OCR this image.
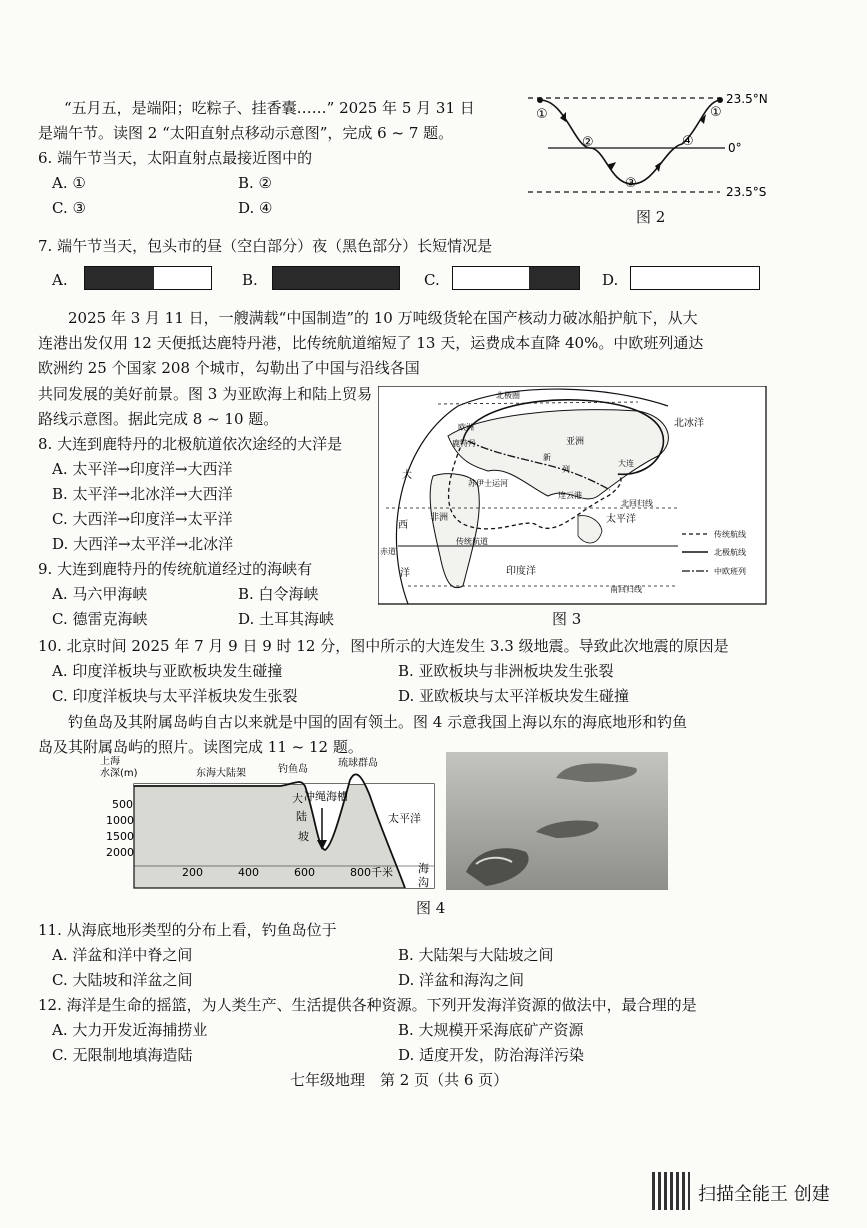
“五月五，是端阳；吃粽子、挂香囊……” 2025 年 5 月 31 日
是端午节。读图 2 “太阳直射点移动示意图”，完成 6 ~ 7 题。
6. 端午节当天，太阳直射点最接近图中的
A. ①	B. ②
C. ③	D. ④
①
②
③
④
①
23.5°N
0°
23.5°S
图 2
7. 端午节当天，包头市的昼（空白部分）夜（黑色部分）长短情况是
A.	B.	C.	D.
2025 年 3 月 11 日，一艘满载“中国制造”的 10 万吨级货轮在国产核动力破冰船护航下，从大
连港出发仅用 12 天便抵达鹿特丹港，比传统航道缩短了 13 天，运费成本直降 40%。中欧班列通达
欧洲约 25 个国家 208 个城市，勾勒出了中国与沿线各国
共同发展的美好前景。图 3 为亚欧海上和陆上贸易
路线示意图。据此完成 8 ~ 10 题。
8. 大连到鹿特丹的北极航道依次途经的大洋是
A. 太平洋→印度洋→大西洋
B. 太平洋→北冰洋→大西洋
C. 大西洋→印度洋→太平洋
D. 大西洋→太平洋→北冰洋
9. 大连到鹿特丹的传统航道经过的海峡有
A. 马六甲海峡	B. 白令海峡
C. 德雷克海峡	D. 土耳其海峡
北极圈
北冰洋
欧洲
鹿特丹	亚洲
新
列
大连
苏伊士运河
连云港
北回归线
非洲	太平洋
传统航道
赤道
印度洋
南回归线
大
西
洋
传统航线
北极航线
中欧班列
图 3
10. 北京时间 2025 年 7 月 9 日 9 时 12 分，图中所示的大连发生 3.3 级地震。导致此次地震的原因是
A. 印度洋板块与亚欧板块发生碰撞	B. 亚欧板块与非洲板块发生张裂
C. 印度洋板块与太平洋板块发生张裂	D. 亚欧板块与太平洋板块发生碰撞
钓鱼岛及其附属岛屿自古以来就是中国的固有领土。图 4 示意我国上海以东的海底地形和钓鱼
岛及其附属岛屿的照片。读图完成 11 ~ 12 题。
上海
水深(m)	东海大陆架	钓鱼岛
琉球群岛
大
陆
坡
冲绳海槽
太平洋
海
沟
500
1000
1500
2000
200	400	600	800千米
图 4
11. 从海底地形类型的分布上看，钓鱼岛位于
A. 洋盆和洋中脊之间	B. 大陆架与大陆坡之间
C. 大陆坡和洋盆之间	D. 洋盆和海沟之间
12. 海洋是生命的摇篮，为人类生产、生活提供各种资源。下列开发海洋资源的做法中，最合理的是
A. 大力开发近海捕捞业	B. 大规模开采海底矿产资源
C. 无限制地填海造陆	D. 适度开发，防治海洋污染
七年级地理　第 2 页（共 6 页）
扫描全能王 创建
